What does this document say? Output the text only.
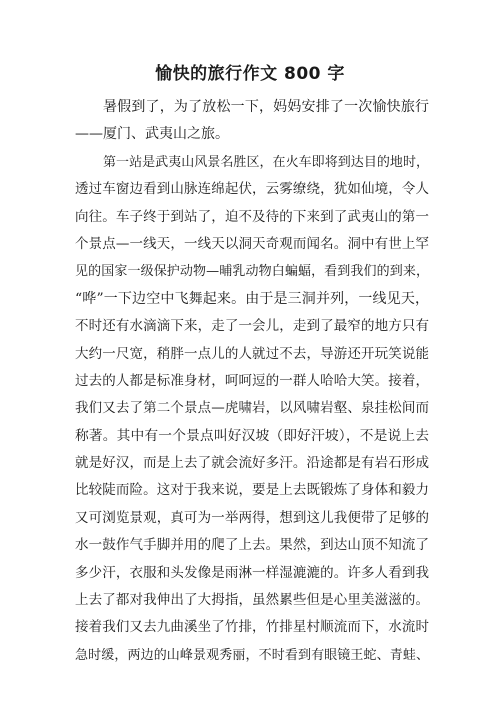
愉快的旅行作文 800 字
暑假到了，为了放松一下，妈妈安排了一次愉快旅行
——厦门、武夷山之旅。
第一站是武夷山风景名胜区，在火车即将到达目的地时，
透过车窗边看到山脉连绵起伏，云雾缭绕，犹如仙境，令人
向往。车子终于到站了，迫不及待的下来到了武夷山的第一
个景点—一线天，一线天以洞天奇观而闻名。洞中有世上罕
见的国家一级保护动物—晡乳动物白蝙蝠，看到我们的到来，
“哗”一下边空中飞舞起来。由于是三洞并列，一线见天，
不时还有水滴滴下来，走了一会儿，走到了最窄的地方只有
大约一尺宽，稍胖一点儿的人就过不去，导游还开玩笑说能
过去的人都是标准身材，呵呵逗的一群人哈哈大笑。接着，
我们又去了第二个景点—虎啸岩，以风啸岩壑、泉挂松间而
称著。其中有一个景点叫好汉坡（即好汗坡），不是说上去
就是好汉，而是上去了就会流好多汗。沿途都是有岩石形成
比较陡而险。这对于我来说，要是上去既锻炼了身体和毅力
又可浏览景观，真可为一举两得，想到这儿我便带了足够的
水一鼓作气手脚并用的爬了上去。果然，到达山顶不知流了
多少汗，衣服和头发像是雨淋一样湿漉漉的。许多人看到我
上去了都对我伸出了大拇指，虽然累些但是心里美滋滋的。
接着我们又去九曲溪坐了竹排，竹排星村顺流而下，水流时
急时缓，两边的山峰景观秀丽，不时看到有眼镜王蛇、青蛙、
